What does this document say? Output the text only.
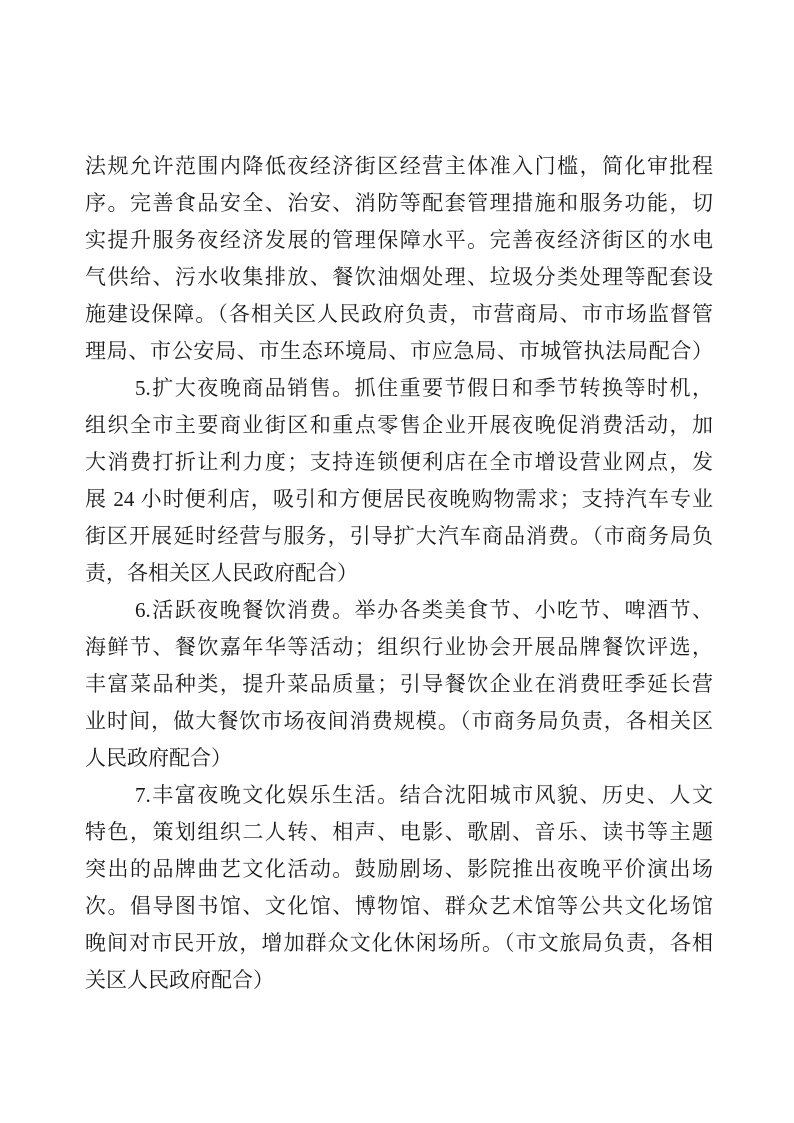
法规允许范围内降低夜经济街区经营主体准入门槛，简化审批程
序。完善食品安全、治安、消防等配套管理措施和服务功能，切
实提升服务夜经济发展的管理保障水平。完善夜经济街区的水电
气供给、污水收集排放、餐饮油烟处理、垃圾分类处理等配套设
施建设保障。（各相关区人民政府负责，市营商局、市市场监督管
理局、市公安局、市生态环境局、市应急局、市城管执法局配合）

5.扩大夜晚商品销售。抓住重要节假日和季节转换等时机，
组织全市主要商业街区和重点零售企业开展夜晚促消费活动，加
大消费打折让利力度；支持连锁便利店在全市增设营业网点，发
展 24 小时便利店，吸引和方便居民夜晚购物需求；支持汽车专业
街区开展延时经营与服务，引导扩大汽车商品消费。（市商务局负
责，各相关区人民政府配合）

6.活跃夜晚餐饮消费。举办各类美食节、小吃节、啤酒节、
海鲜节、餐饮嘉年华等活动；组织行业协会开展品牌餐饮评选，
丰富菜品种类，提升菜品质量；引导餐饮企业在消费旺季延长营
业时间，做大餐饮市场夜间消费规模。（市商务局负责，各相关区
人民政府配合）

7.丰富夜晚文化娱乐生活。结合沈阳城市风貌、历史、人文
特色，策划组织二人转、相声、电影、歌剧、音乐、读书等主题
突出的品牌曲艺文化活动。鼓励剧场、影院推出夜晚平价演出场
次。倡导图书馆、文化馆、博物馆、群众艺术馆等公共文化场馆
晚间对市民开放，增加群众文化休闲场所。（市文旅局负责，各相
关区人民政府配合）
